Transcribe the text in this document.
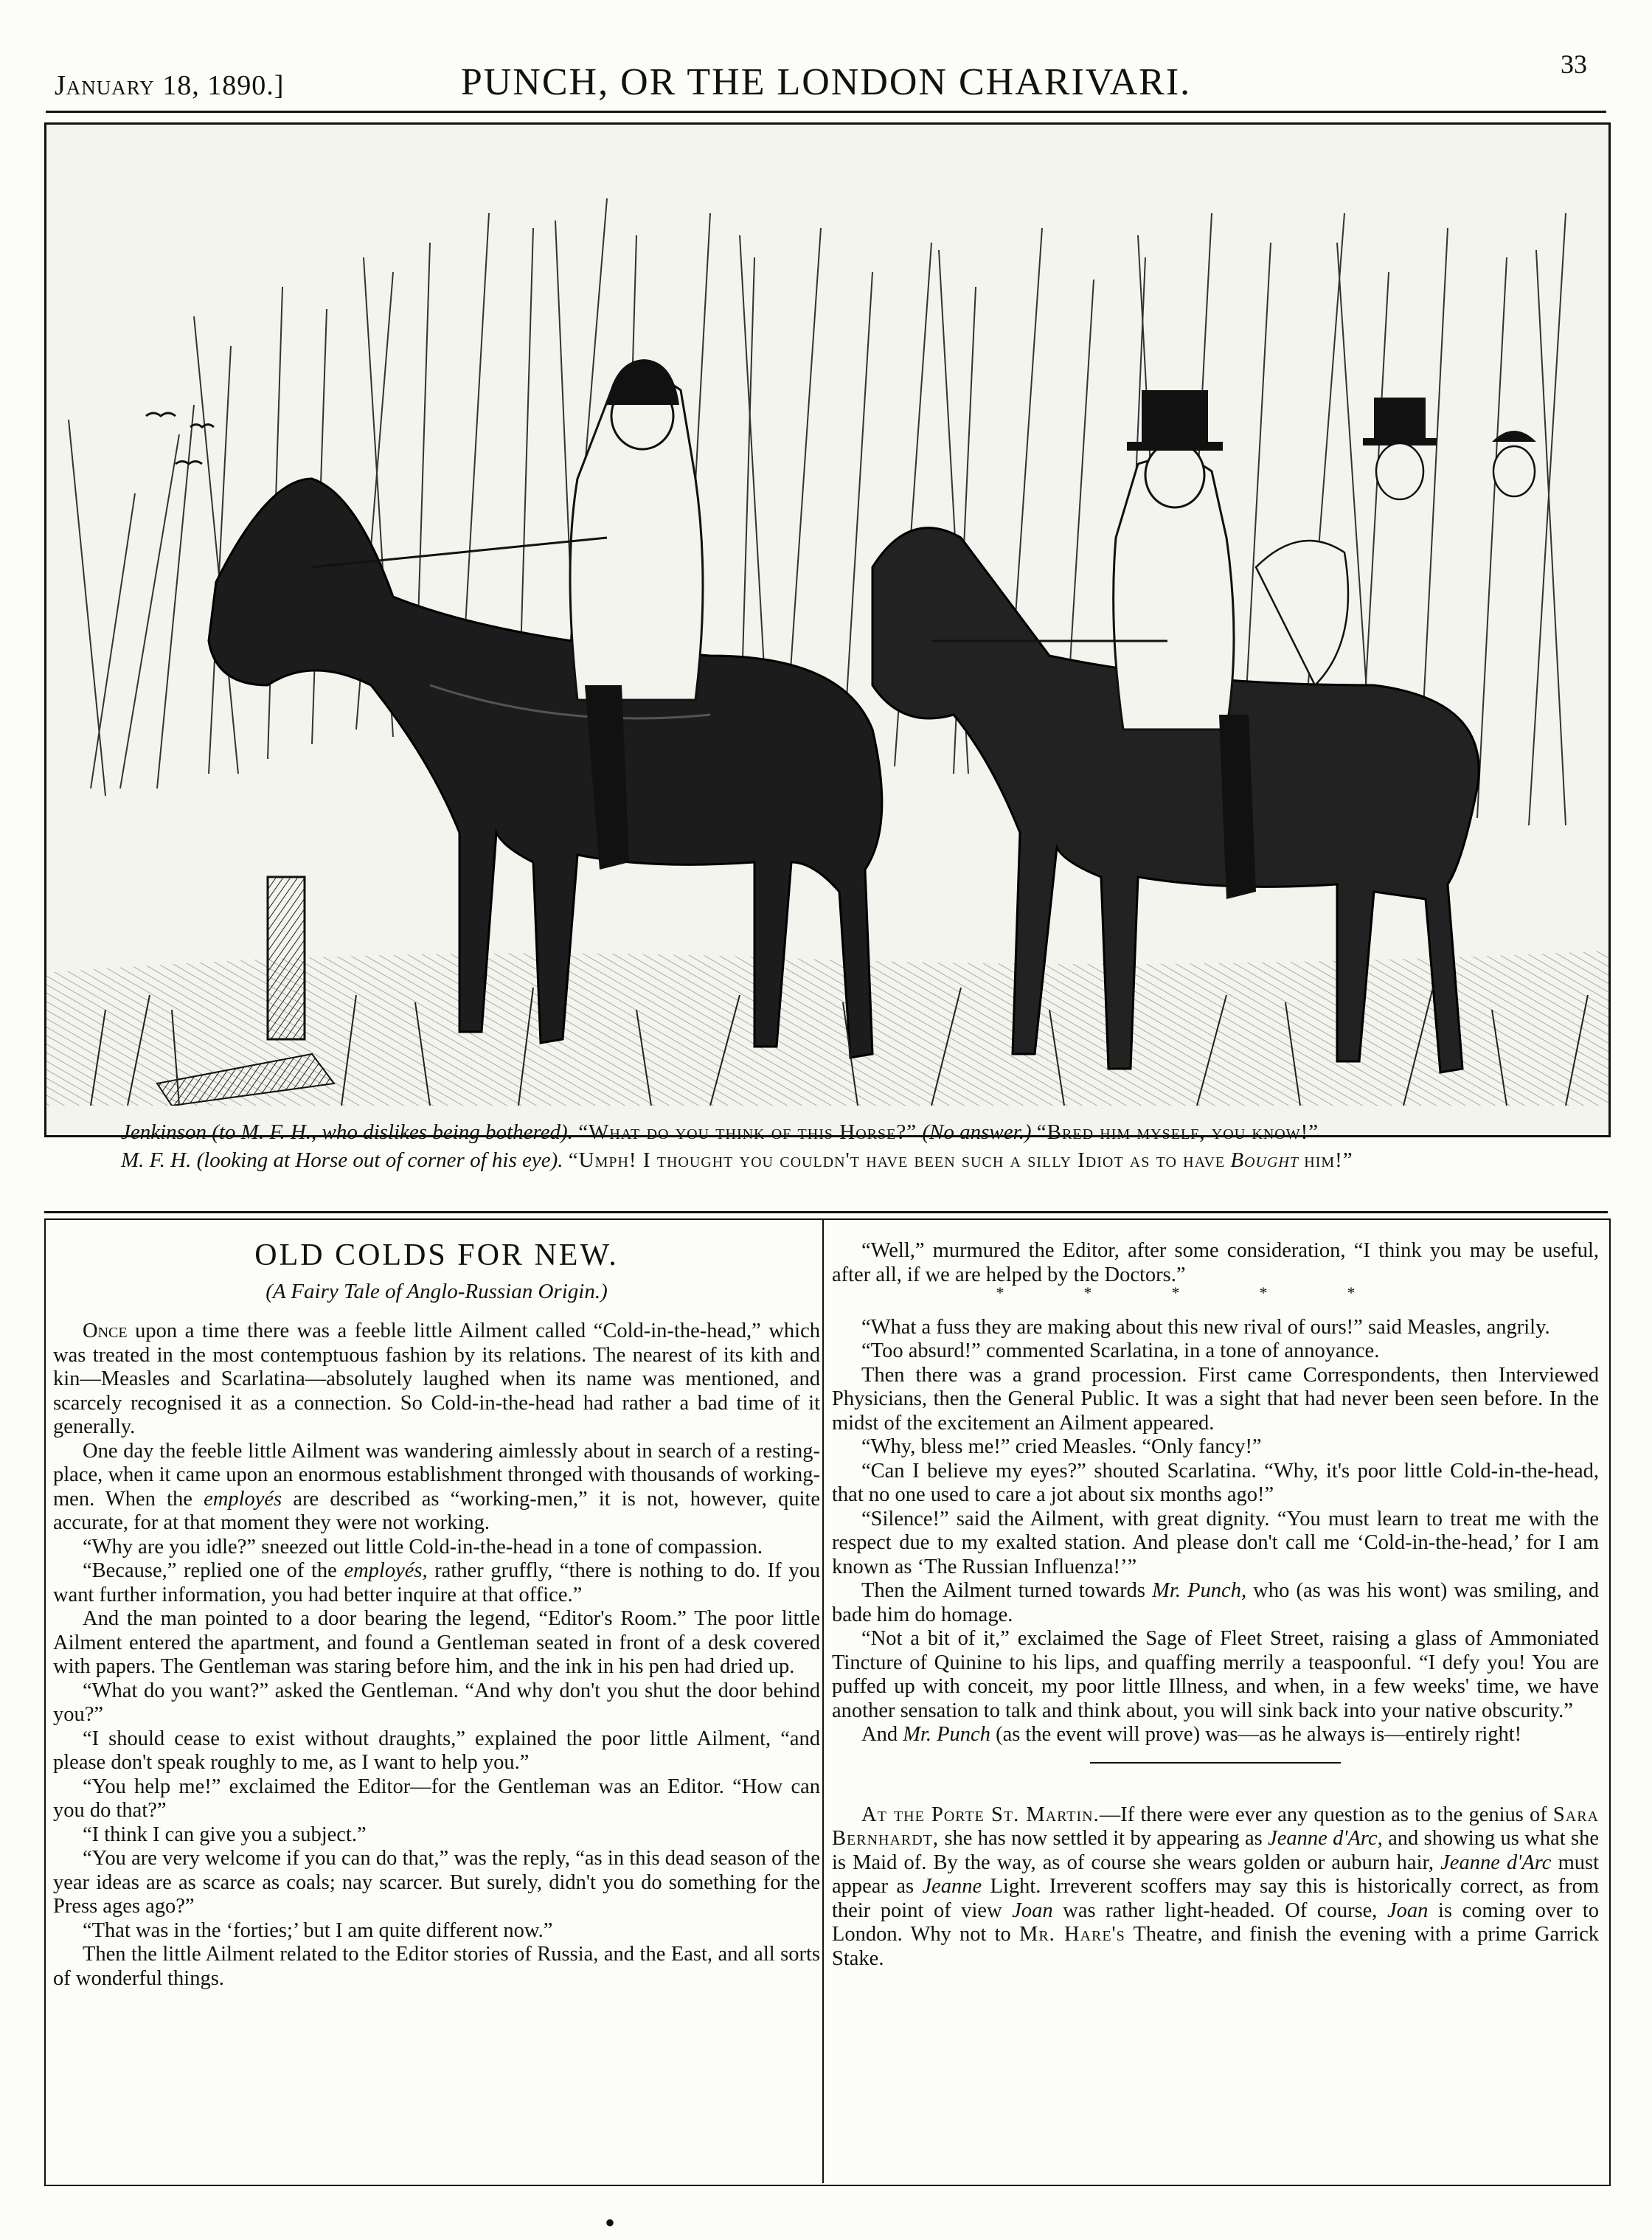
January 18, 1890.]	PUNCH, OR THE LONDON CHARIVARI.	33

Jenkinson (to M. F. H., who dislikes being bothered). “What do you think of this Horse?” (No answer.) “Bred him myself, you know!”

M. F. H. (looking at Horse out of corner of his eye). “Umph! I thought you couldn't have been such a silly Idiot as to have Bought him!”

OLD COLDS FOR NEW.

(A Fairy Tale of Anglo-Russian Origin.)

Once upon a time there was a feeble little Ailment called “Cold-in-the-head,” which was treated in the most contemptuous fashion by its relations. The nearest of its kith and kin—Measles and Scarlatina—absolutely laughed when its name was mentioned, and scarcely recognised it as a connection. So Cold-in-the-head had rather a bad time of it generally.

One day the feeble little Ailment was wandering aimlessly about in search of a resting-place, when it came upon an enormous establishment thronged with thousands of working-men. When the employés are described as “working-men,” it is not, however, quite accurate, for at that moment they were not working.

“Why are you idle?” sneezed out little Cold-in-the-head in a tone of compassion.

“Because,” replied one of the employés, rather gruffly, “there is nothing to do. If you want further information, you had better inquire at that office.”

And the man pointed to a door bearing the legend, “Editor's Room.” The poor little Ailment entered the apartment, and found a Gentleman seated in front of a desk covered with papers. The Gentleman was staring before him, and the ink in his pen had dried up.

“What do you want?” asked the Gentleman. “And why don't you shut the door behind you?”

“I should cease to exist without draughts,” explained the poor little Ailment, “and please don't speak roughly to me, as I want to help you.”

“You help me!” exclaimed the Editor—for the Gentleman was an Editor. “How can you do that?”

“I think I can give you a subject.”

“You are very welcome if you can do that,” was the reply, “as in this dead season of the year ideas are as scarce as coals; nay scarcer. But surely, didn't you do something for the Press ages ago?”

“That was in the ‘forties;’ but I am quite different now.”

Then the little Ailment related to the Editor stories of Russia, and the East, and all sorts of wonderful things.

“Well,” murmured the Editor, after some consideration, “I think you may be useful, after all, if we are helped by the Doctors.”

*****

“What a fuss they are making about this new rival of ours!” said Measles, angrily.

“Too absurd!” commented Scarlatina, in a tone of annoyance.

Then there was a grand procession. First came Correspondents, then Interviewed Physicians, then the General Public. It was a sight that had never been seen before. In the midst of the excitement an Ailment appeared.

“Why, bless me!” cried Measles. “Only fancy!”

“Can I believe my eyes?” shouted Scarlatina. “Why, it's poor little Cold-in-the-head, that no one used to care a jot about six months ago!”

“Silence!” said the Ailment, with great dignity. “You must learn to treat me with the respect due to my exalted station. And please don't call me ‘Cold-in-the-head,’ for I am known as ‘The Russian Influenza!’”

Then the Ailment turned towards Mr. Punch, who (as was his wont) was smiling, and bade him do homage.

“Not a bit of it,” exclaimed the Sage of Fleet Street, raising a glass of Ammoniated Tincture of Quinine to his lips, and quaffing merrily a teaspoonful. “I defy you! You are puffed up with conceit, my poor little Illness, and when, in a few weeks' time, we have another sensation to talk and think about, you will sink back into your native obscurity.”

And Mr. Punch (as the event will prove) was—as he always is—entirely right!

At the Porte St. Martin.—If there were ever any question as to the genius of Sara Bernhardt, she has now settled it by appearing as Jeanne d'Arc, and showing us what she is Maid of. By the way, as of course she wears golden or auburn hair, Jeanne d'Arc must appear as Jeanne Light. Irreverent scoffers may say this is historically correct, as from their point of view Joan was rather light-headed. Of course, Joan is coming over to London. Why not to Mr. Hare's Theatre, and finish the evening with a prime Garrick Stake.

•
